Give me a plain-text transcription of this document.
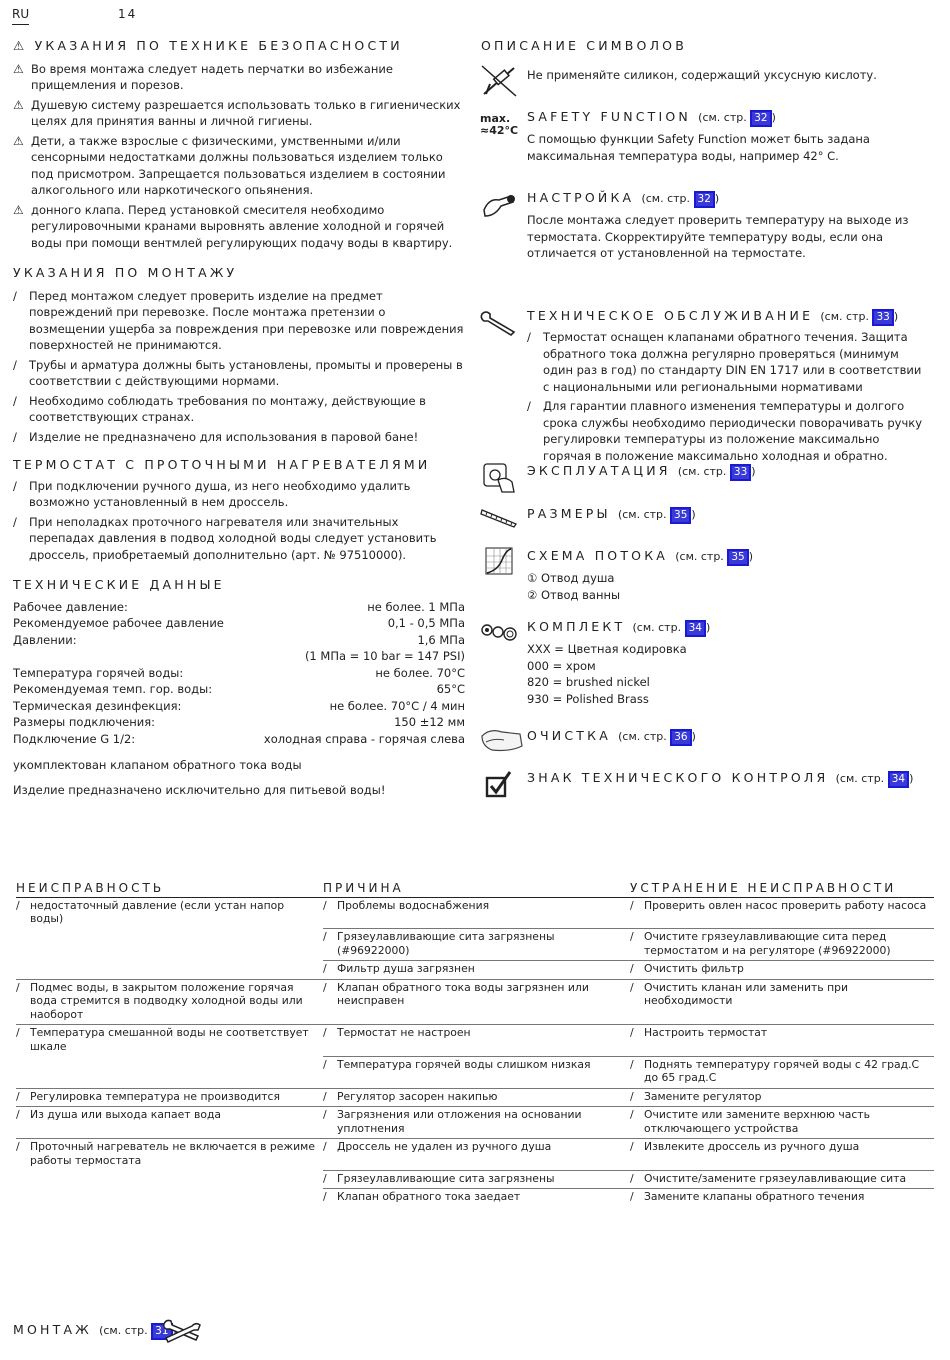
RU	14
⚠ УКАЗАНИЯ ПО ТЕХНИКЕ БЕЗОПАСНОСТИ
⚠ Во время монтажа следует надеть перчатки во избежание прищемления и порезов.
⚠ Душевую систему разрешается использовать только в гигиенических целях для принятия ванны и личной гигиены.
⚠ Дети, а также взрослые с физическими, умственными и/или сенсорными недостатками должны пользоваться изделием только под присмотром. Запрещается пользоваться изделием в состоянии алкогольного или наркотического опьянения.
⚠ донного клапа. Перед установкой смесителя необходимо регулировочными кранами выровнять авление холодной и горячей воды при помощи вентмлей регулирующих подачу воды в квартиру.
УКАЗАНИЯ ПО МОНТАЖУ
/	Перед монтажом следует проверить изделие на предмет повреждений при перевозке. После монтажа претензии о возмещении ущерба за повреждения при перевозке или повреждения поверхностей не принимаются.
/	Трубы и арматура должны быть установлены, промыты и проверены в соответствии с действующими нормами.
/	Необходимо соблюдать требования по монтажу, действующие в соответствующих странах.
/	Изделие не предназначено для использования в паровой бане!
ТЕРМОСТАТ С ПРОТОЧНЫМИ НАГРЕВАТЕЛЯМИ
/	При подключении ручного душа, из него необходимо удалить возможно установленный в нем дроссель.
/	При неполадках проточного нагревателя или значительных перепадах давления в подвод холодной воды следует установить дроссель, приобретаемый дополнительно (арт. № 97510000).
ТЕХНИЧЕСКИЕ ДАННЫЕ
Рабочее давление:	не более. 1 МПа
Рекомендуемое рабочее давление	0,1 - 0,5 МПа
Давлении:	1,6 МПа
(1 МПа = 10 bar = 147 PSI)
Температура горячей воды:	не более. 70°C
Рекомендуемая темп. гор. воды:	65°C
Термическая дезинфекция:	не более. 70°C / 4 мин
Размеры подключения:	150 ±12 мм
Подключение G 1/2:	холодная справа - горячая слева
укомплектован клапаном обратного тока воды
Изделие предназначено исключительно для питьевой воды!
ОПИСАНИЕ СИМВОЛОВ
Не применяйте силикон, содержащий уксусную кислоту.
max.
≈42°C
SAFETY FUNCTION (см. стр. 32 )
С помощью функции Safety Function может быть задана максимальная температура воды, например 42° C.
НАСТРОЙКА (см. стр. 32 )
После монтажа следует проверить температуру на выходе из термостата. Скорректируйте температуру воды, если она отличается от установленной на термостате.
ТЕХНИЧЕСКОЕ ОБСЛУЖИВАНИЕ (см. стр. 33 )
/	Термостат оснащен клапанами обратного течения. Защита обратного тока должна регулярно проверяться (минимум один раз в год) по стандарту DIN EN 1717 или в соответствии с национальными или региональными нормативами
/	Для гарантии плавного изменения температуры и долгого срока службы необходимо периодически поворачивать ручку регулировки температуры из положение максимально горячая в положение максимально холодная и обратно.
ЭКСПЛУАТАЦИЯ (см. стр. 33 )
РАЗМЕРЫ (см. стр. 35 )
СХЕМА ПОТОКА (см. стр. 35 )
① Отвод душа
② Отвод ванны
КОМПЛЕКТ (см. стр. 34 )
XXX = Цветная кодировка
000 = хром
820 = brushed nickel
930 = Polished Brass
ОЧИСТКА (см. стр. 36 )
ЗНАК ТЕХНИЧЕСКОГО КОНТРОЛЯ (см. стр. 34 )
НЕИСПРАВНОСТЬ	ПРИЧИНА	УСТРАНЕНИЕ НЕИСПРАВНОСТИ

/ недостаточный давление (если устан напор воды)	/ Проблемы водоснабжения	/ Проверить овлен насос проверить работу насоса

	/ Грязеулавливающие сита загрязнены (#96922000)	/ Очистите грязеулавливающие сита перед термостатом и на регуляторе (#96922000)

	/ Фильтр душа загрязнен	/ Очистить фильтр

/ Подмес воды, в закрытом положение горячая вода стремится в подводку холодной воды или наоборот	/ Клапан обратного тока воды загрязнен или неисправен	/ Очистить кланан или заменить при необходимости

/ Температура смешанной воды не соответствует шкале	/ Термостат не настроен	/ Настроить термостат

	/ Температура горячей воды слишком низкая	/ Поднять температуру горячей воды с 42 град.С до 65 град.С

/ Регулировка температура не производится	/ Регулятор засорен накипью	/ Замените регулятор

/ Из душа или выхода капает вода	/ Загрязнения или отложения на основании уплотнения	/ Очистите или замените верхнюю часть отключающего устройства

/ Проточный нагреватель не включается в режиме работы термостата	/ Дроссель не удален из ручного душа	/ Извлеките дроссель из ручного душа

	/ Грязеулавливающие сита загрязнены	/ Очистите/замените грязеулавливающие сита

	/ Клапан обратного тока заедает	/ Замените клапаны обратного течения
МОНТАЖ (см. стр. 31
